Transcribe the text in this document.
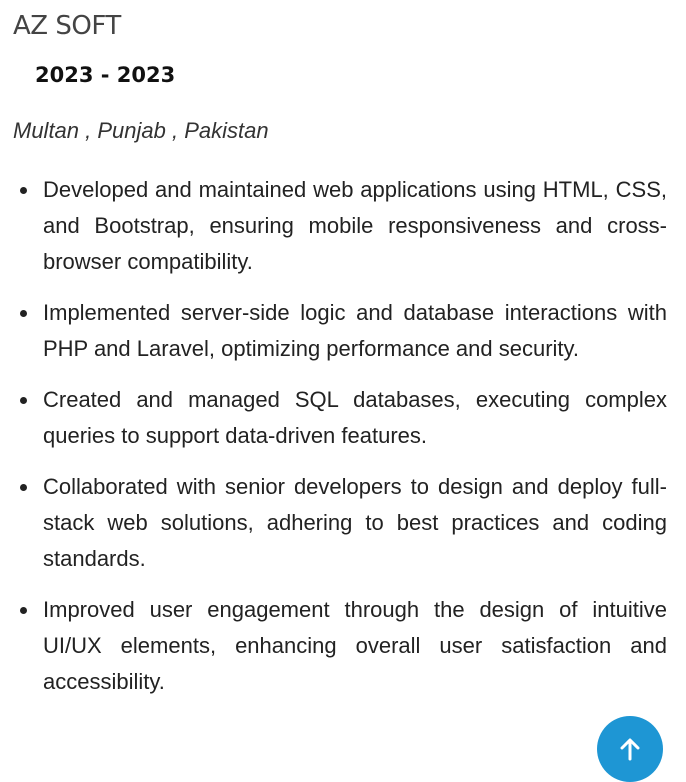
AZ SOFT
2023 - 2023
Multan , Punjab , Pakistan
Developed and maintained web applications using HTML, CSS, and Bootstrap, ensuring mobile responsiveness and cross-browser compatibility.
Implemented server-side logic and database interactions with PHP and Laravel, optimizing performance and security.
Created and managed SQL databases, executing complex queries to support data-driven features.
Collaborated with senior developers to design and deploy full-stack web solutions, adhering to best practices and coding standards.
Improved user engagement through the design of intuitive UI/UX elements, enhancing overall user satisfaction and accessibility.
